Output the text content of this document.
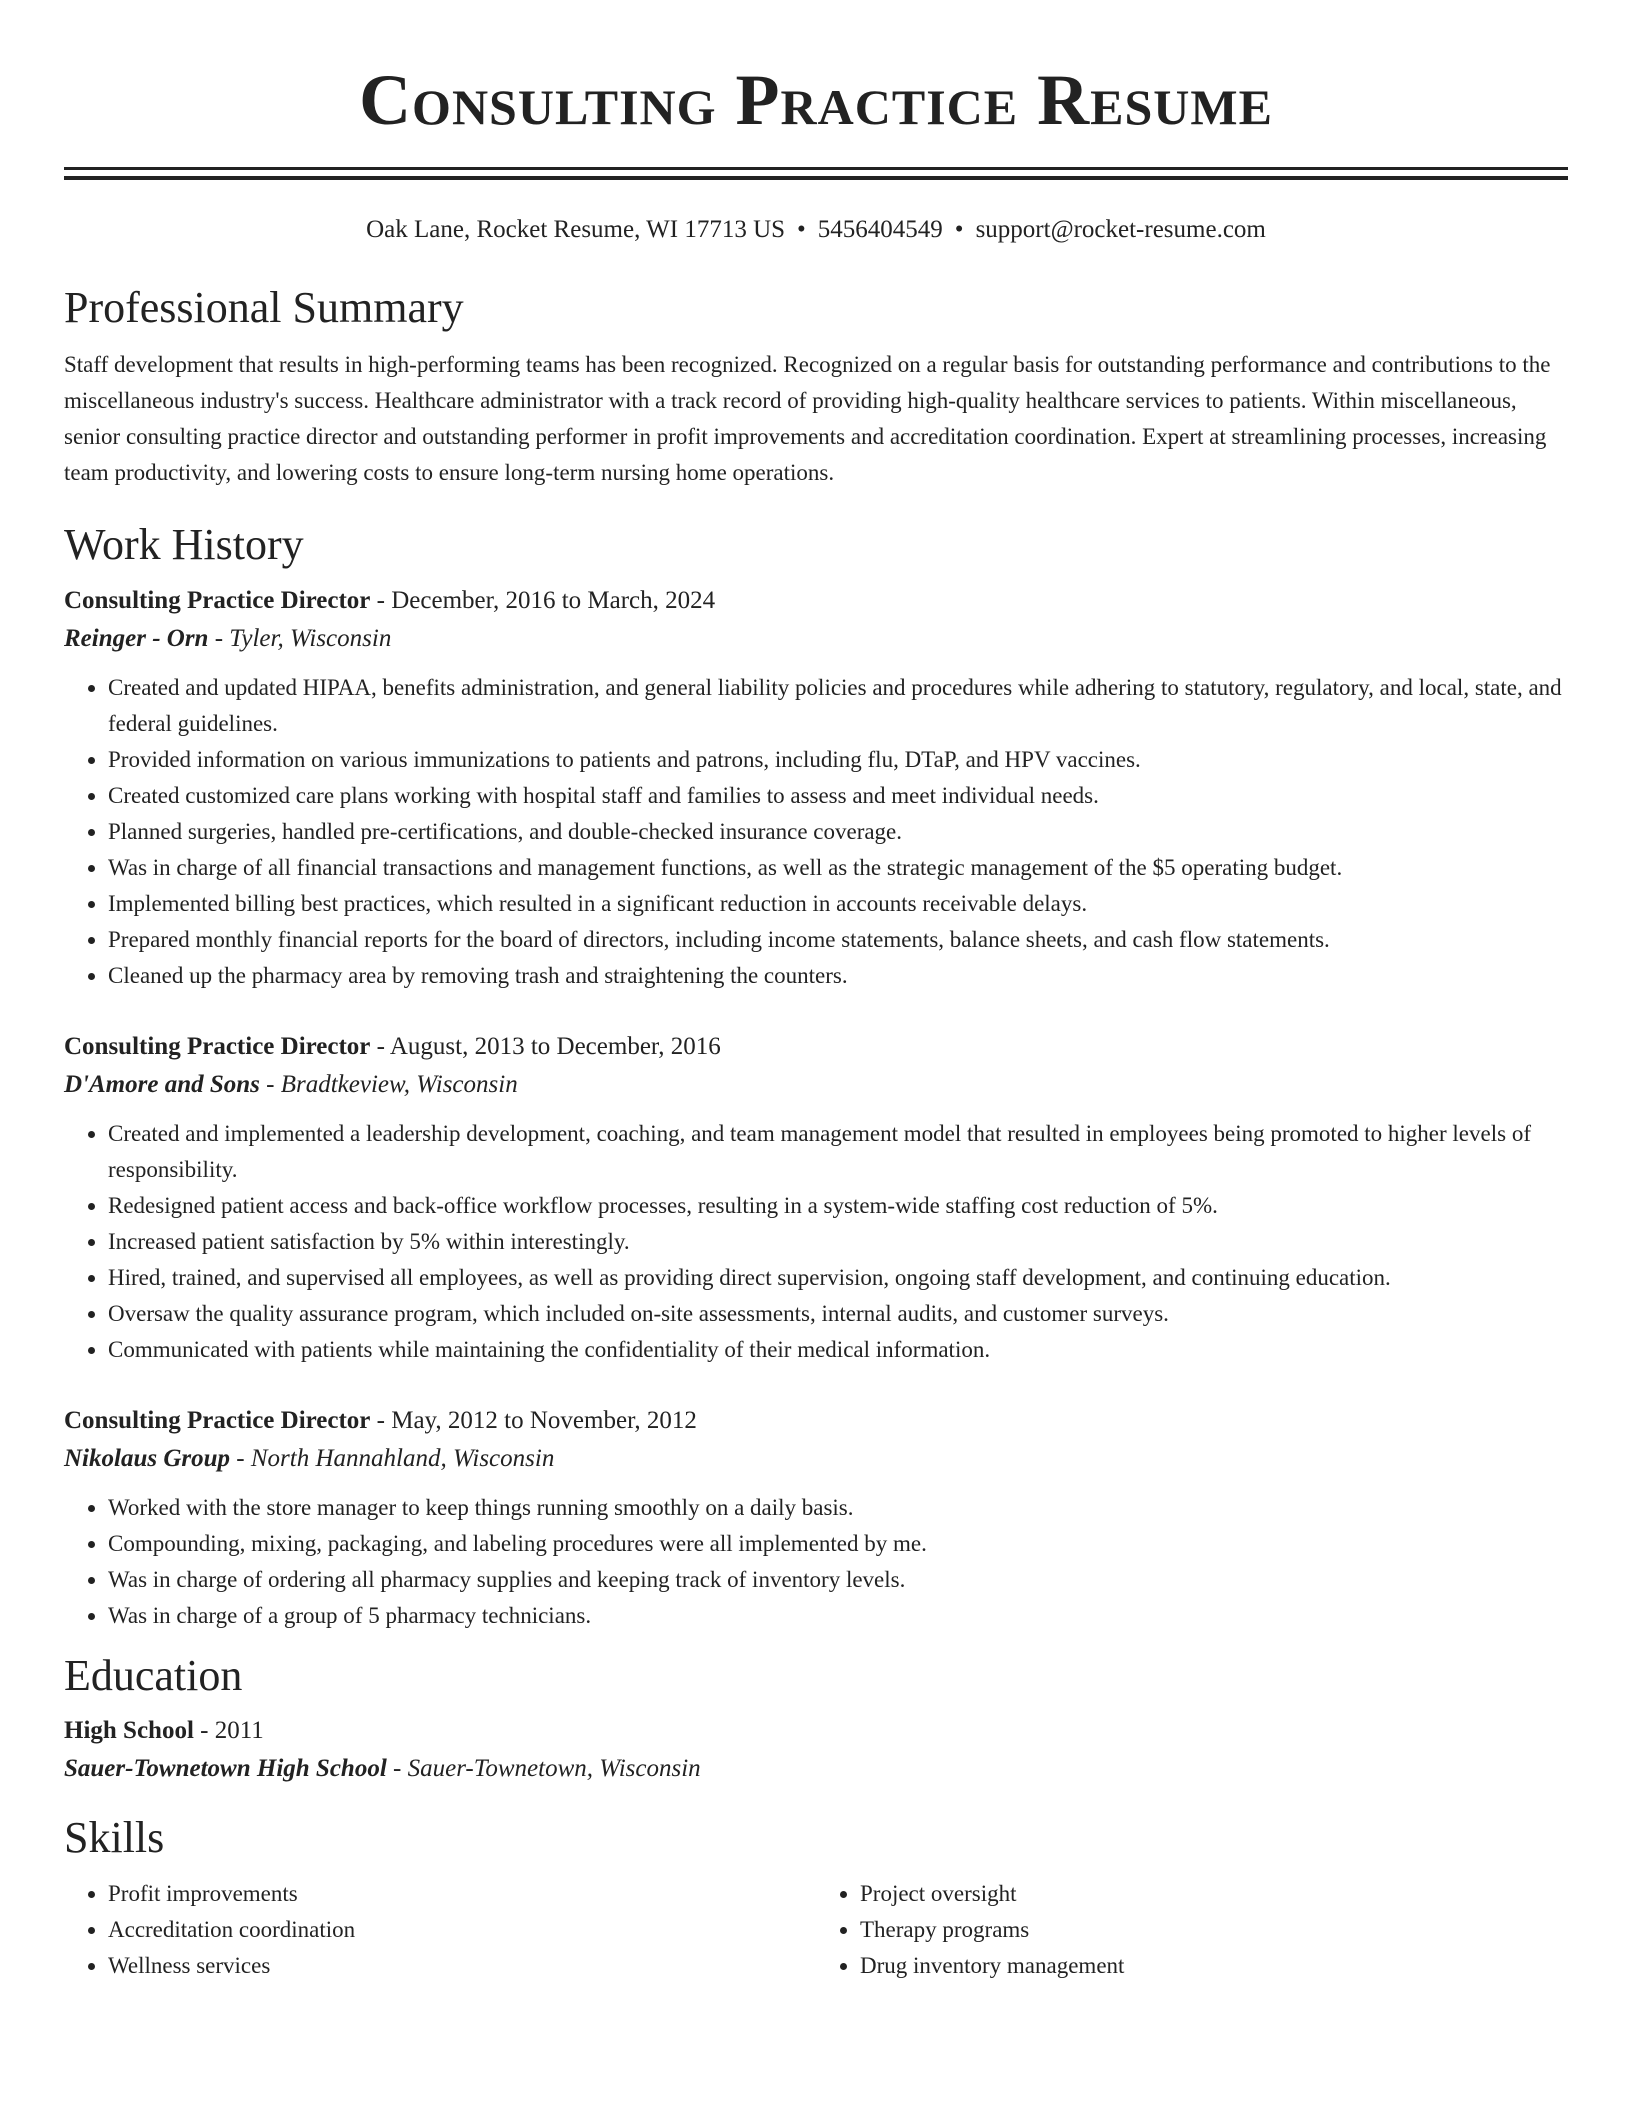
Consulting Practice Resume
Oak Lane, Rocket Resume, WI 17713 US • 5456404549 • support@rocket-resume.com
Professional Summary

Staff development that results in high-performing teams has been recognized. Recognized on a regular basis for outstanding performance and contributions to the miscellaneous industry's success. Healthcare administrator with a track record of providing high-quality healthcare services to patients. Within miscellaneous, senior consulting practice director and outstanding performer in profit improvements and accreditation coordination. Expert at streamlining processes, increasing team productivity, and lowering costs to ensure long-term nursing home operations.

Work History
Consulting Practice Director - December, 2016 to March, 2024
Reinger - Orn - Tyler, Wisconsin
• Created and updated HIPAA, benefits administration, and general liability policies and procedures while adhering to statutory, regulatory, and local, state, and federal guidelines.
• Provided information on various immunizations to patients and patrons, including flu, DTaP, and HPV vaccines.
• Created customized care plans working with hospital staff and families to assess and meet individual needs.
• Planned surgeries, handled pre-certifications, and double-checked insurance coverage.
• Was in charge of all financial transactions and management functions, as well as the strategic management of the $5 operating budget.
• Implemented billing best practices, which resulted in a significant reduction in accounts receivable delays.
• Prepared monthly financial reports for the board of directors, including income statements, balance sheets, and cash flow statements.
• Cleaned up the pharmacy area by removing trash and straightening the counters.
Consulting Practice Director - August, 2013 to December, 2016
D'Amore and Sons - Bradtkeview, Wisconsin
• Created and implemented a leadership development, coaching, and team management model that resulted in employees being promoted to higher levels of responsibility.
• Redesigned patient access and back-office workflow processes, resulting in a system-wide staffing cost reduction of 5%.
• Increased patient satisfaction by 5% within interestingly.
• Hired, trained, and supervised all employees, as well as providing direct supervision, ongoing staff development, and continuing education.
• Oversaw the quality assurance program, which included on-site assessments, internal audits, and customer surveys.
• Communicated with patients while maintaining the confidentiality of their medical information.
Consulting Practice Director - May, 2012 to November, 2012
Nikolaus Group - North Hannahland, Wisconsin
• Worked with the store manager to keep things running smoothly on a daily basis.
• Compounding, mixing, packaging, and labeling procedures were all implemented by me.
• Was in charge of ordering all pharmacy supplies and keeping track of inventory levels.
• Was in charge of a group of 5 pharmacy technicians.
Education
High School - 2011
Sauer-Townetown High School - Sauer-Townetown, Wisconsin
Skills
• Profit improvements
• Accreditation coordination
• Wellness services
• Project oversight
• Therapy programs
• Drug inventory management
